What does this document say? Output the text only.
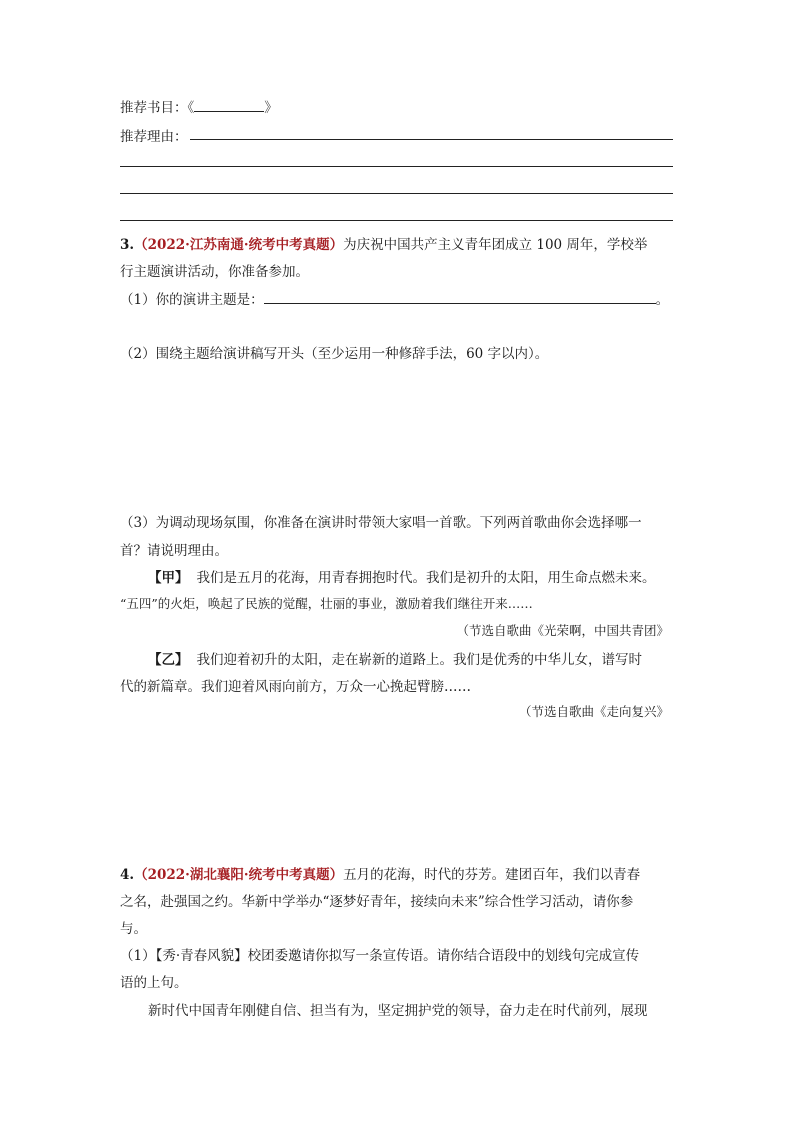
推荐书目：《	》
推荐理由：
3.（2022·江苏南通·统考中考真题）为庆祝中国共产主义青年团成立 100 周年，学校举
行主题演讲活动，你准备参加。
（1）你的演讲主题是：	。
（2）围绕主题给演讲稿写开头（至少运用一种修辞手法，60 字以内）。
（3）为调动现场氛围，你准备在演讲时带领大家唱一首歌。下列两首歌曲你会选择哪一
首？请说明理由。
【甲】 我们是五月的花海，用青春拥抱时代。我们是初升的太阳，用生命点燃未来。
“五四”的火炬，唤起了民族的觉醒，壮丽的事业，激励着我们继往开来……
（节选自歌曲《光荣啊，中国共青团》
【乙】 我们迎着初升的太阳，走在崭新的道路上。我们是优秀的中华儿女，谱写时
代的新篇章。我们迎着风雨向前方，万众一心挽起臂膀……
（节选自歌曲《走向复兴》
4.（2022·湖北襄阳·统考中考真题）五月的花海，时代的芬芳。建团百年，我们以青春
之名，赴强国之约。华新中学举办“逐梦好青年，接续向未来”综合性学习活动，请你参
与。
（1）【秀·青春风貌】校团委邀请你拟写一条宣传语。请你结合语段中的划线句完成宣传
语的上句。
新时代中国青年刚健自信、担当有为，坚定拥护党的领导，奋力走在时代前列，展现
